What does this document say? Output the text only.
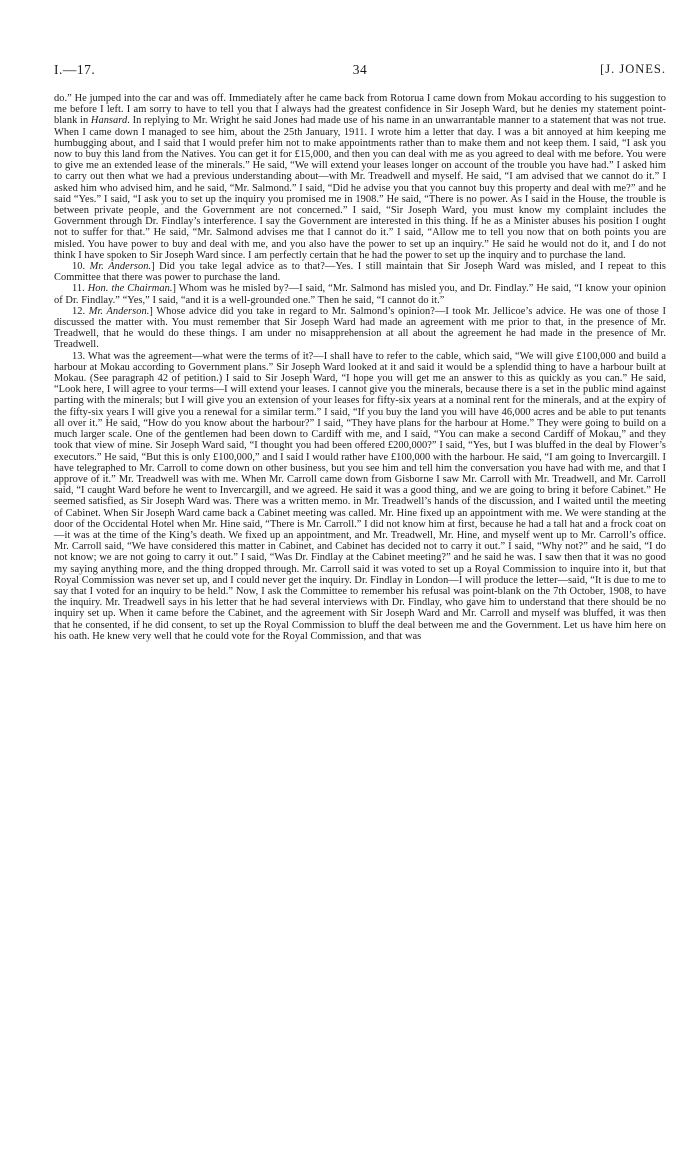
I.—17.	34	[J. JONES.

do.” He jumped into the car and was off. Immediately after he came back from Rotorua I came down from Mokau according to his suggestion to me before I left. I am sorry to have to tell you that I always had the greatest confidence in Sir Joseph Ward, but he denies my statement point-blank in Hansard. In replying to Mr. Wright he said Jones had made use of his name in an unwarrantable manner to a statement that was not true. When I came down I managed to see him, about the 25th January, 1911. I wrote him a letter that day. I was a bit annoyed at him keeping me humbugging about, and I said that I would prefer him not to make appointments rather than to make them and not keep them. I said, “I ask you now to buy this land from the Natives. You can get it for £15,000, and then you can deal with me as you agreed to deal with me before. You were to give me an extended lease of the minerals.” He said, “We will extend your leases longer on account of the trouble you have had.” I asked him to carry out then what we had a previous understanding about—with Mr. Treadwell and myself. He said, “I am advised that we cannot do it.” I asked him who advised him, and he said, “Mr. Salmond.” I said, “Did he advise you that you cannot buy this property and deal with me?” and he said “Yes.” I said, “I ask you to set up the inquiry you promised me in 1908.” He said, “There is no power. As I said in the House, the trouble is between private people, and the Government are not concerned.” I said, “Sir Joseph Ward, you must know my complaint includes the Government through Dr. Findlay’s interference. I say the Government are interested in this thing. If he as a Minister abuses his position I ought not to suffer for that.” He said, “Mr. Salmond advises me that I cannot do it.” I said, “Allow me to tell you now that on both points you are misled. You have power to buy and deal with me, and you also have the power to set up an inquiry.” He said he would not do it, and I do not think I have spoken to Sir Joseph Ward since. I am perfectly certain that he had the power to set up the inquiry and to purchase the land.

10. Mr. Anderson.] Did you take legal advice as to that?—Yes. I still maintain that Sir Joseph Ward was misled, and I repeat to this Committee that there was power to purchase the land.

11. Hon. the Chairman.] Whom was he misled by?—I said, “Mr. Salmond has misled you, and Dr. Findlay.” He said, “I know your opinion of Dr. Findlay.” “Yes,” I said, “and it is a well-grounded one.” Then he said, “I cannot do it.”

12. Mr. Anderson.] Whose advice did you take in regard to Mr. Salmond’s opinion?—I took Mr. Jellicoe’s advice. He was one of those I discussed the matter with. You must remember that Sir Joseph Ward had made an agreement with me prior to that, in the presence of Mr. Treadwell, that he would do these things. I am under no misapprehension at all about the agreement he had made in the presence of Mr. Treadwell.

13. What was the agreement—what were the terms of it?—I shall have to refer to the cable, which said, “We will give £100,000 and build a harbour at Mokau according to Government plans.” Sir Joseph Ward looked at it and said it would be a splendid thing to have a harbour built at Mokau. (See paragraph 42 of petition.) I said to Sir Joseph Ward, “I hope you will get me an answer to this as quickly as you can.” He said, “Look here, I will agree to your terms—I will extend your leases. I cannot give you the minerals, because there is a set in the public mind against parting with the minerals; but I will give you an extension of your leases for fifty-six years at a nominal rent for the minerals, and at the expiry of the fifty-six years I will give you a renewal for a similar term.” I said, “If you buy the land you will have 46,000 acres and be able to put tenants all over it.” He said, “How do you know about the harbour?” I said, “They have plans for the harbour at Home.” They were going to build on a much larger scale. One of the gentlemen had been down to Cardiff with me, and I said, “You can make a second Cardiff of Mokau,” and they took that view of mine. Sir Joseph Ward said, “I thought you had been offered £200,000?” I said, “Yes, but I was bluffed in the deal by Flower’s executors.” He said, “But this is only £100,000,” and I said I would rather have £100,000 with the harbour. He said, “I am going to Invercargill. I have telegraphed to Mr. Carroll to come down on other business, but you see him and tell him the conversation you have had with me, and that I approve of it.” Mr. Treadwell was with me. When Mr. Carroll came down from Gisborne I saw Mr. Carroll with Mr. Treadwell, and Mr. Carroll said, “I caught Ward before he went to Invercargill, and we agreed. He said it was a good thing, and we are going to bring it before Cabinet.” He seemed satisfied, as Sir Joseph Ward was. There was a written memo. in Mr. Treadwell’s hands of the discussion, and I waited until the meeting of Cabinet. When Sir Joseph Ward came back a Cabinet meeting was called. Mr. Hine fixed up an appointment with me. We were standing at the door of the Occidental Hotel when Mr. Hine said, “There is Mr. Carroll.” I did not know him at first, because he had a tall hat and a frock coat on—it was at the time of the King’s death. We fixed up an appointment, and Mr. Treadwell, Mr. Hine, and myself went up to Mr. Carroll’s office. Mr. Carroll said, “We have considered this matter in Cabinet, and Cabinet has decided not to carry it out.” I said, “Why not?” and he said, “I do not know; we are not going to carry it out.” I said, “Was Dr. Findlay at the Cabinet meeting?” and he said he was. I saw then that it was no good my saying anything more, and the thing dropped through. Mr. Carroll said it was voted to set up a Royal Commission to inquire into it, but that Royal Commission was never set up, and I could never get the inquiry. Dr. Findlay in London—I will produce the letter—said, “It is due to me to say that I voted for an inquiry to be held.” Now, I ask the Committee to remember his refusal was point-blank on the 7th October, 1908, to have the inquiry. Mr. Treadwell says in his letter that he had several interviews with Dr. Findlay, who gave him to understand that there should be no inquiry set up. When it came before the Cabinet, and the agreement with Sir Joseph Ward and Mr. Carroll and myself was bluffed, it was then that he consented, if he did consent, to set up the Royal Commission to bluff the deal between me and the Government. Let us have him here on his oath. He knew very well that he could vote for the Royal Commission, and that was
